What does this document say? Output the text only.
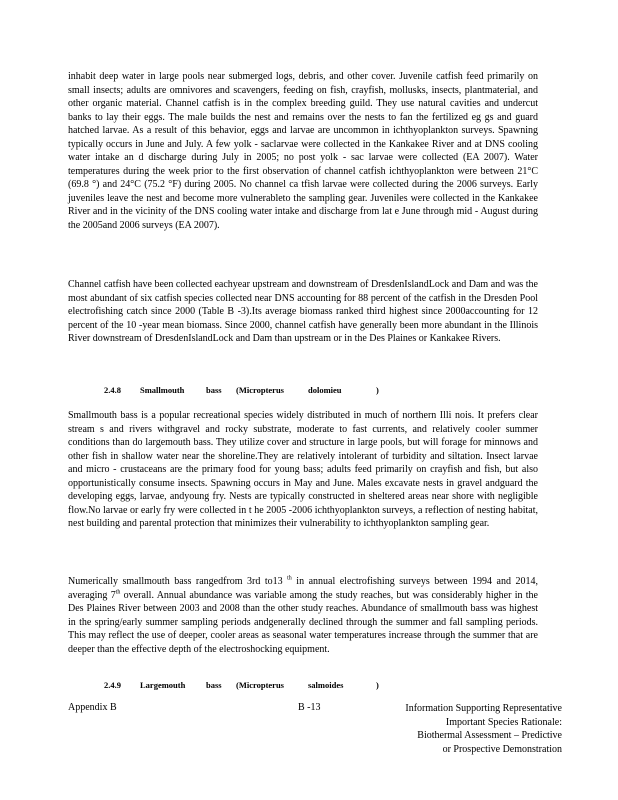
inhabit deep water in large pools near submerged logs, debris, and other cover. Juvenile catfish feed primarily on small insects; adults are omnivores and scavengers, feeding on fish, crayfish, mollusks, insects, plantmaterial, and other organic material. Channel catfish is in the complex breeding guild. They use natural cavities and undercut banks to lay their eggs. The male builds the nest and remains over the nests to fan the fertilized eg gs and guard hatched larvae. As a result of this behavior, eggs and larvae are uncommon in ichthyoplankton surveys. Spawning typically occurs in June and July. A few yolk - saclarvae were collected in the Kankakee River and at DNS cooling water intake an d discharge during July in 2005; no post yolk - sac larvae were collected (EA 2007). Water temperatures during the week prior to the first observation of channel catfish ichthyoplankton were between 21°C (69.8 °) and 24°C (75.2 °F) during 2005. No channel ca tfish larvae were collected during the 2006 surveys. Early juveniles leave the nest and become more vulnerableto the sampling gear. Juveniles were collected in the Kankakee River and in the vicinity of the DNS cooling water intake and discharge from lat e June through mid - August during the 2005and 2006 surveys (EA 2007).

Channel catfish have been collected eachyear upstream and downstream of DresdenIslandLock and Dam and was the most abundant of six catfish species collected near DNS accounting for 88 percent of the catfish in the Dresden Pool electrofishing catch since 2000 (Table B -3).Its average biomass ranked third highest since 2000accounting for 12 percent of the 10 -year mean biomass. Since 2000, channel catfish have generally been more abundant in the Illinois River downstream of DresdenIslandLock and Dam than upstream or in the Des Plaines or Kankakee Rivers.

2.4.8 Smallmouth	bass (Micropterus	dolomieu	)

Smallmouth bass is a popular recreational species widely distributed in much of northern Illi nois. It prefers clear stream s and rivers withgravel and rocky substrate, moderate to fast currents, and relatively cooler summer conditions than do largemouth bass. They utilize cover and structure in large pools, but will forage for minnows and other fish in shallow water near the shoreline.They are relatively intolerant of turbidity and siltation. Insect larvae and micro - crustaceans are the primary food for young bass; adults feed primarily on crayfish and fish, but also opportunistically consume insects. Spawning occurs in May and June. Males excavate nests in gravel andguard the developing eggs, larvae, andyoung fry. Nests are typically constructed in sheltered areas near shore with negligible flow.No larvae or early fry were collected in t he 2005 -2006 ichthyoplankton surveys, a reflection of nesting habitat, nest building and parental protection that minimizes their vulnerability to ichthyoplankton sampling gear.

Numerically smallmouth bass rangedfrom 3rd to13 $^{th}$ in annual electrofishing surveys between 1994 and 2014, averaging 7th overall. Annual abundance was variable among the study reaches, but was considerably higher in the Des Plaines River between 2003 and 2008 than the other study reaches. Abundance of smallmouth bass was highest in the spring/early summer sampling periods andgenerally declined through the summer and fall sampling periods. This may reflect the use of deeper, cooler areas as seasonal water temperatures increase through the summer that are deeper than the effective depth of the electroshocking equipment.

2.4.9 Largemouth bass (Micropterus	salmoides	)
Appendix B	B -13	Information Supporting Representative
Important Species Rationale:
Biothermal Assessment – Predictive
or Prospective Demonstration
